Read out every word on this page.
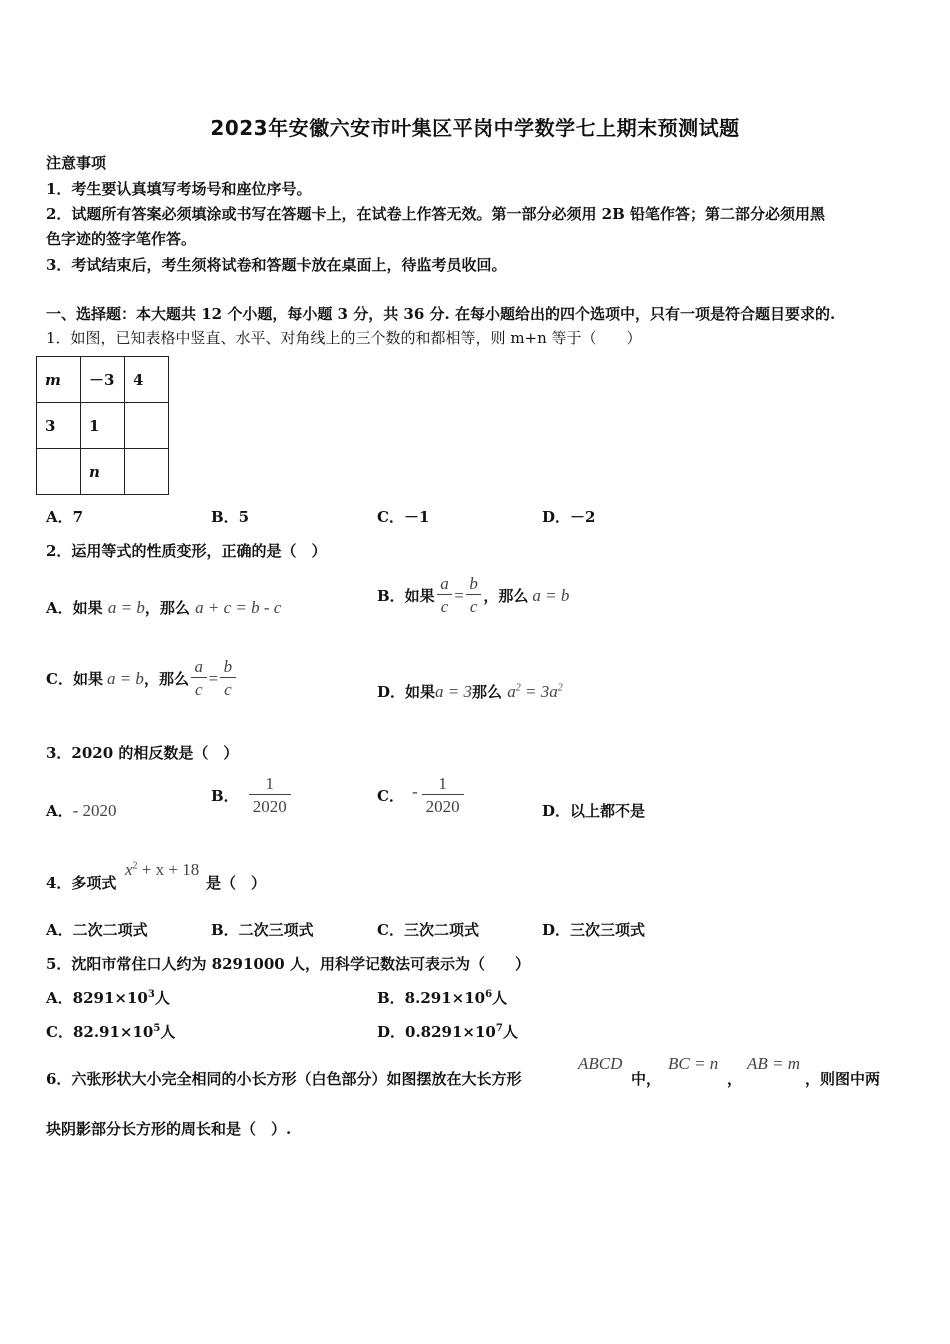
2023年安徽六安市叶集区平岗中学数学七上期末预测试题
注意事项
1．考生要认真填写考场号和座位序号。
2．试题所有答案必须填涂或书写在答题卡上，在试卷上作答无效。第一部分必须用 2B 铅笔作答；第二部分必须用黑
色字迹的签字笔作答。
3．考试结束后，考生须将试卷和答题卡放在桌面上，待监考员收回。
一、选择题：本大题共 12 个小题，每小题 3 分，共 36 分. 在每小题给出的四个选项中，只有一项是符合题目要求的.
1．如图，已知表格中竖直、水平、对角线上的三个数的和都相等，则 m+n 等于（　　）
m	－3	4
3	1	
	n	
A．7	B．5	C．－1	D．－2
2．运用等式的性质变形，正确的是（　）
A．如果 a = b，那么 a + c = b - c
B．如果 $\frac{a}{c} = \frac{b}{c}$ ，那么 a = b
C．如果 a = b ，那么 $\frac{a}{c} = \frac{b}{c}$	D．如果a = 3那么 $a^2 = 3a^2$
3．2020 的相反数是（　）
A．- 2020
B． $\frac{1}{2020}$	C． - $\frac{1}{2020}$	D．以上都不是
4．多项式
$x^2 + x + 18$
是（　）
A．二次二项式	B．二次三项式	C．三次二项式	D．三次三项式
5．沈阳市常住口人约为 8291000 人，用科学记数法可表示为（　　）
A．$8291\times 10^3$人	B．$8.291\times 10^6$人
C．$82.91\times 10^5$人	D．$0.8291\times 10^7$人
6．六张形状大小完全相同的小长方形（白色部分）如图摆放在大长方形
ABCD
中，
BC = n
，
AB = m
，则图中两
块阴影部分长方形的周长和是（　）.
